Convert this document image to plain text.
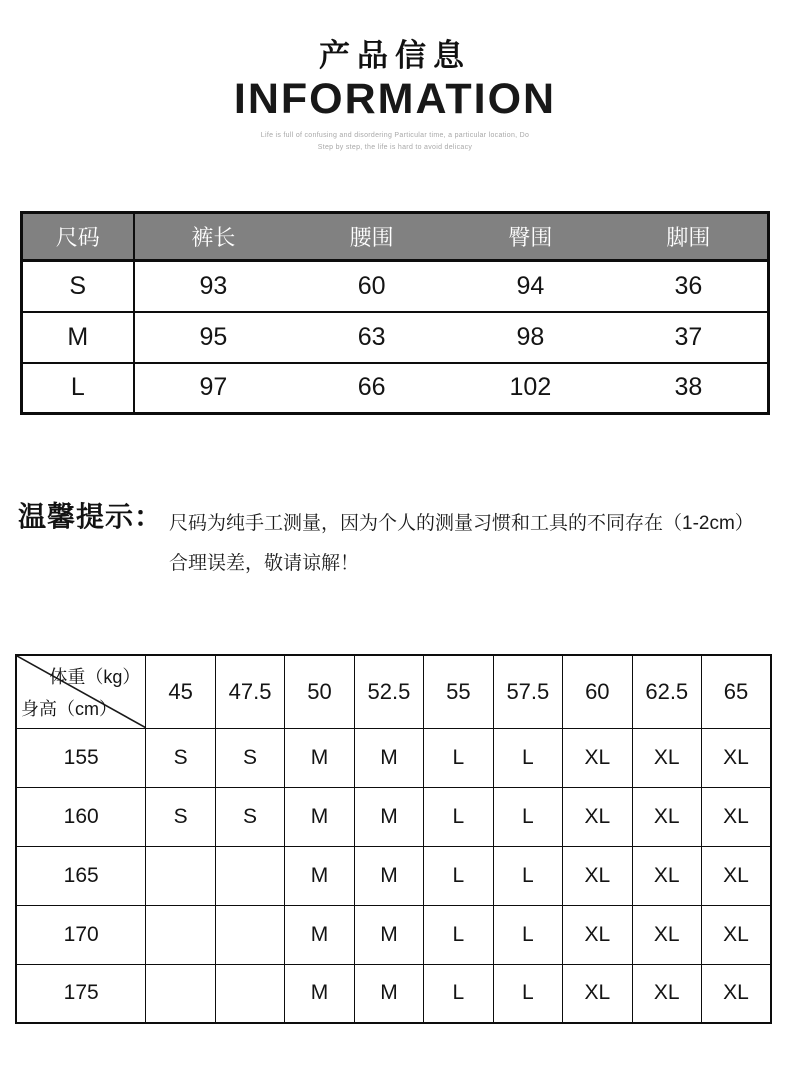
产品信息
INFORMATION
Life is full of confusing and disordering Particular time, a particular location, Do
Step by step, the life is hard to avoid delicacy
尺码	裤长	腰围	臀围	脚围
S	93	60	94	36
M	95	63	98	37
L	97	66	102	38
温馨提示： 尺码为纯手工测量，因为个人的测量习惯和工具的不同存在（1-2cm）
合理误差，敬请谅解！
体重（kg）
身高（cm）	45	47.5	50	52.5	55	57.5	60	62.5	65
155	S	S	M	M	L	L	XL	XL	XL
160	S	S	M	M	L	L	XL	XL	XL
165			M	M	L	L	XL	XL	XL
170			M	M	L	L	XL	XL	XL
175			M	M	L	L	XL	XL	XL
